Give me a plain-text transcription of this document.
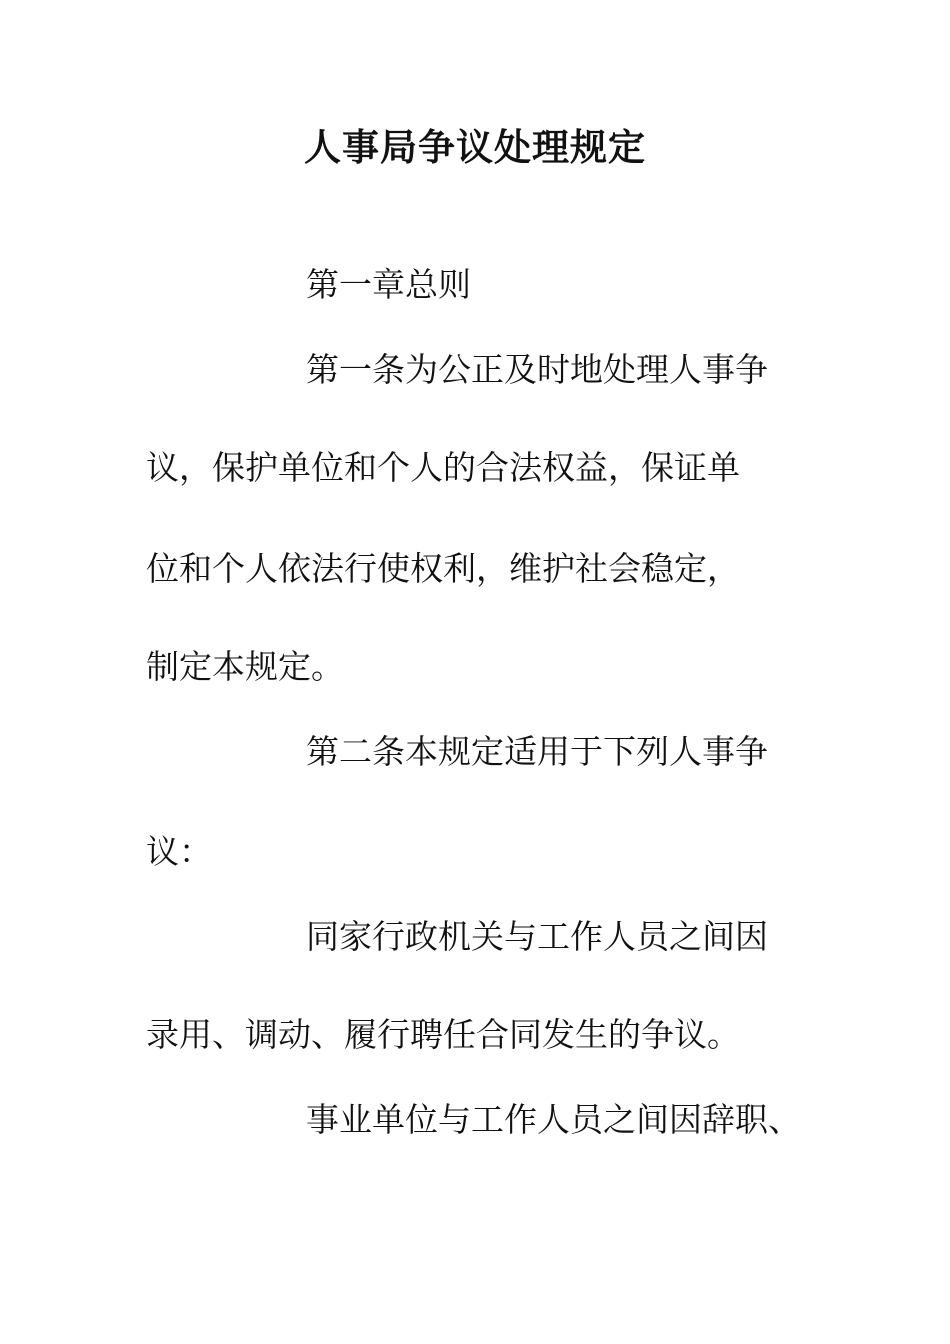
人事局争议处理规定

第一章总则

第一条为公正及时地处理人事争

议，保护单位和个人的合法权益，保证单

位和个人依法行使权利，维护社会稳定，

制定本规定。

第二条本规定适用于下列人事争

议：

同家行政机关与工作人员之间因

录用、调动、履行聘任合同发生的争议。

事业单位与工作人员之间因辞职、
